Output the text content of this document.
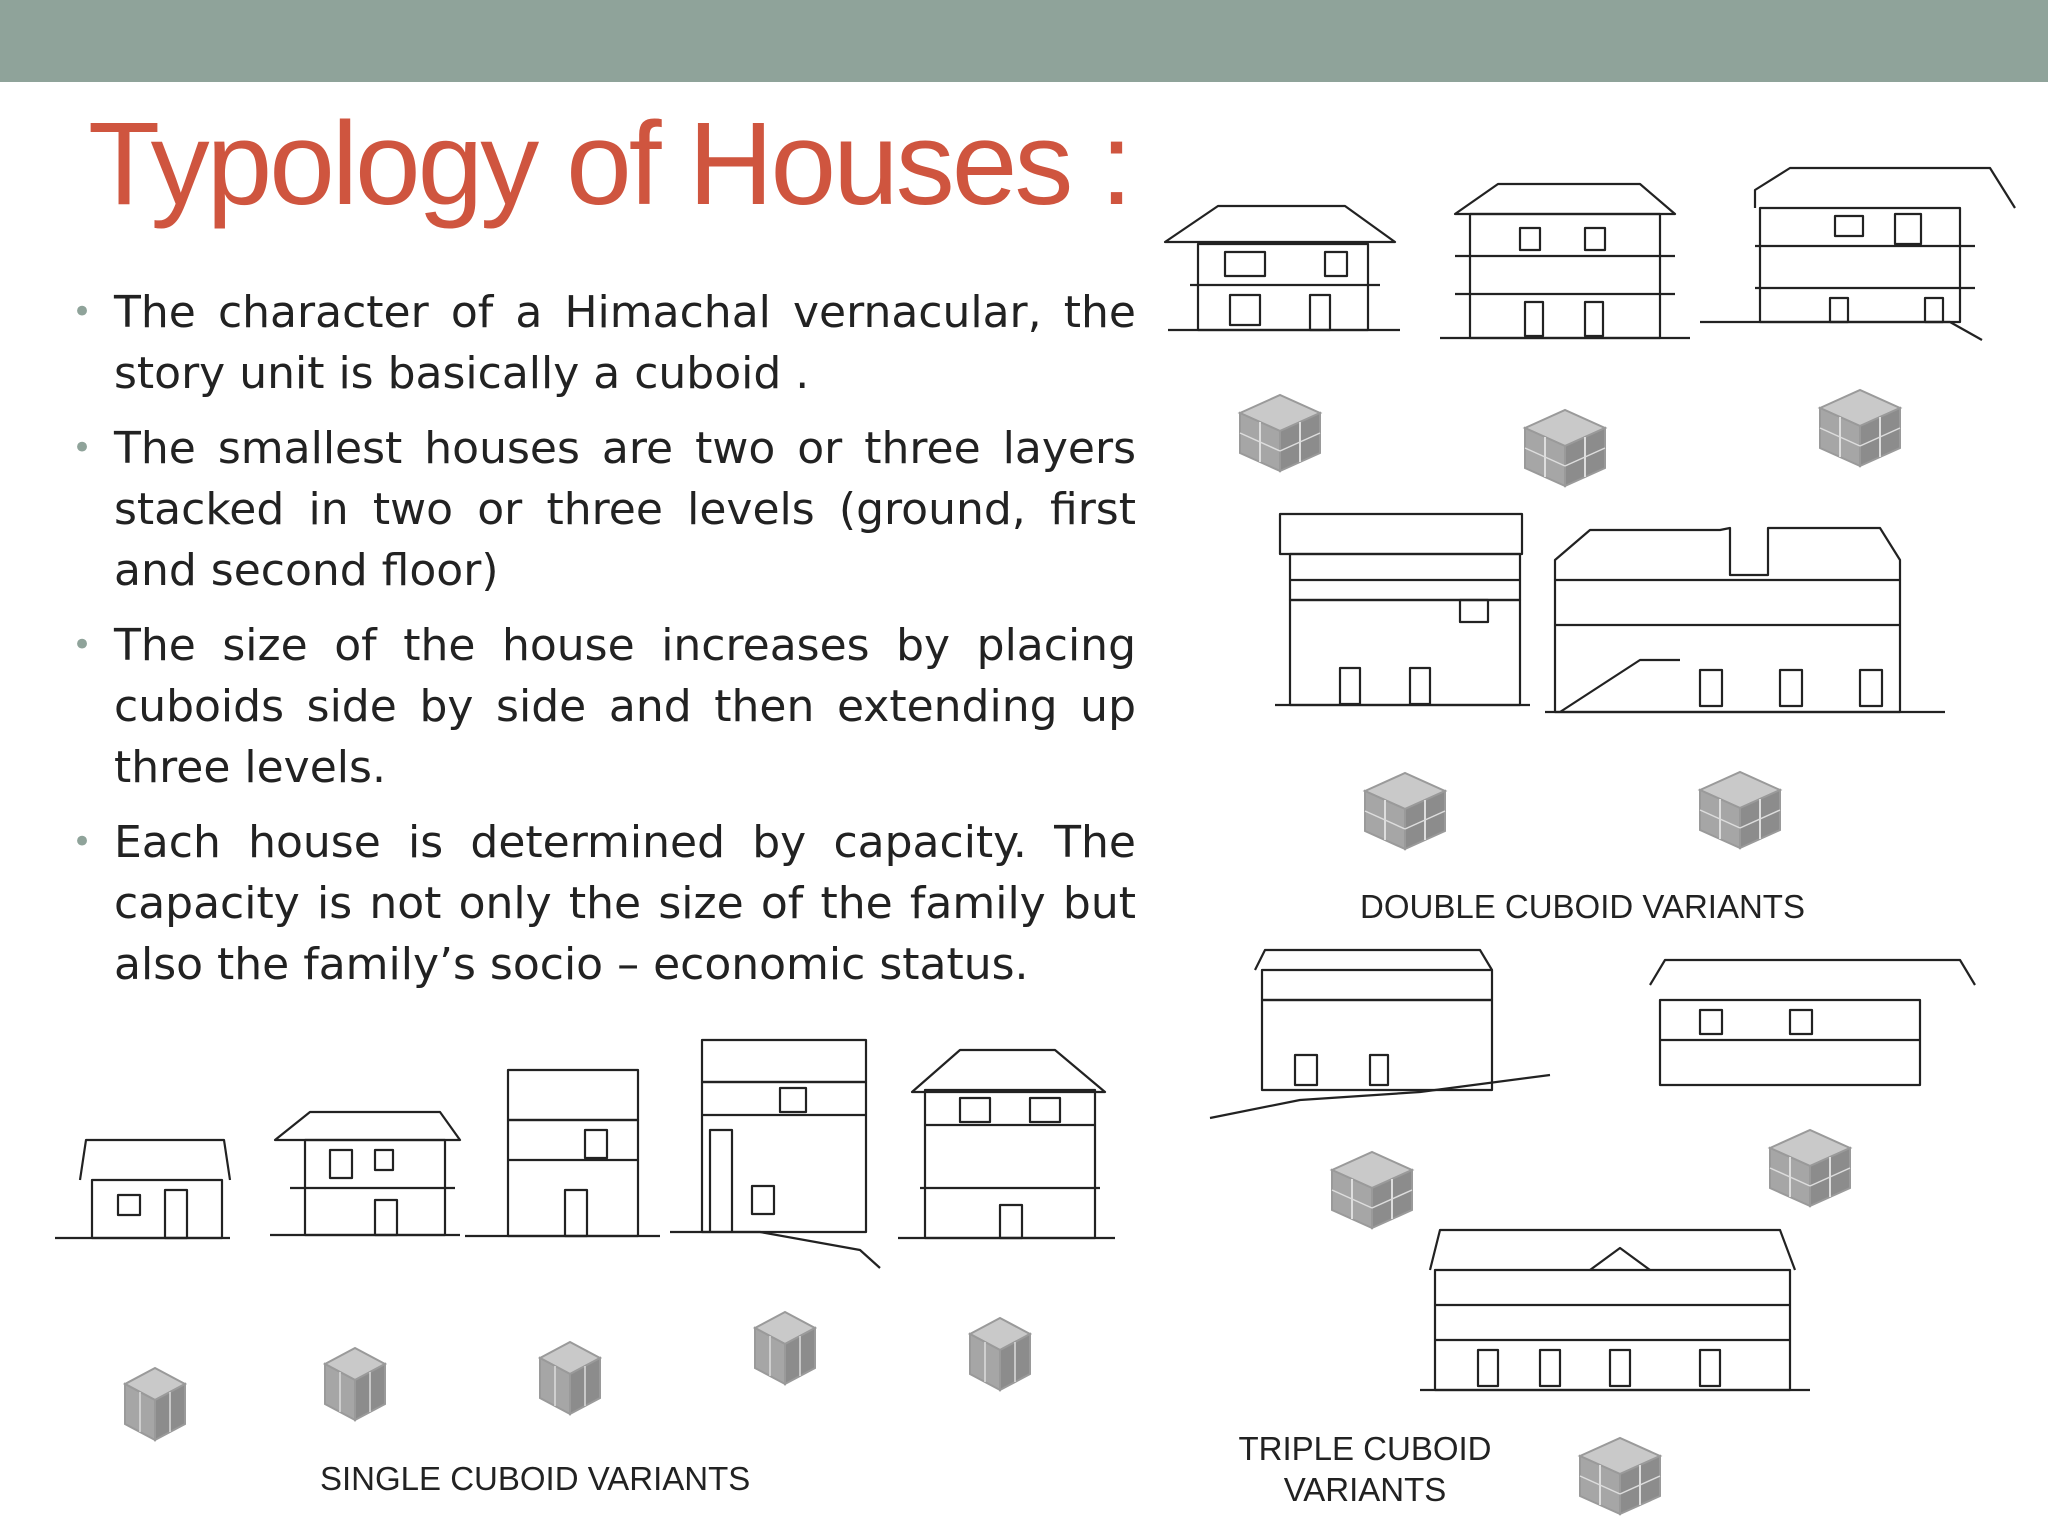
Typology of Houses :
• The character of a Himachal vernacular, the story unit is basically a cuboid .
• The smallest houses are two or three layers stacked in two or three levels (ground, first and second floor)
• The size of the house increases by placing cuboids side by side and then extending up three levels.
• Each house is determined by capacity. The capacity is not only the size of the family but also the family’s socio – economic status.
SINGLE CUBOID VARIANTS
DOUBLE CUBOID VARIANTS
TRIPLE CUBOID VARIANTS
